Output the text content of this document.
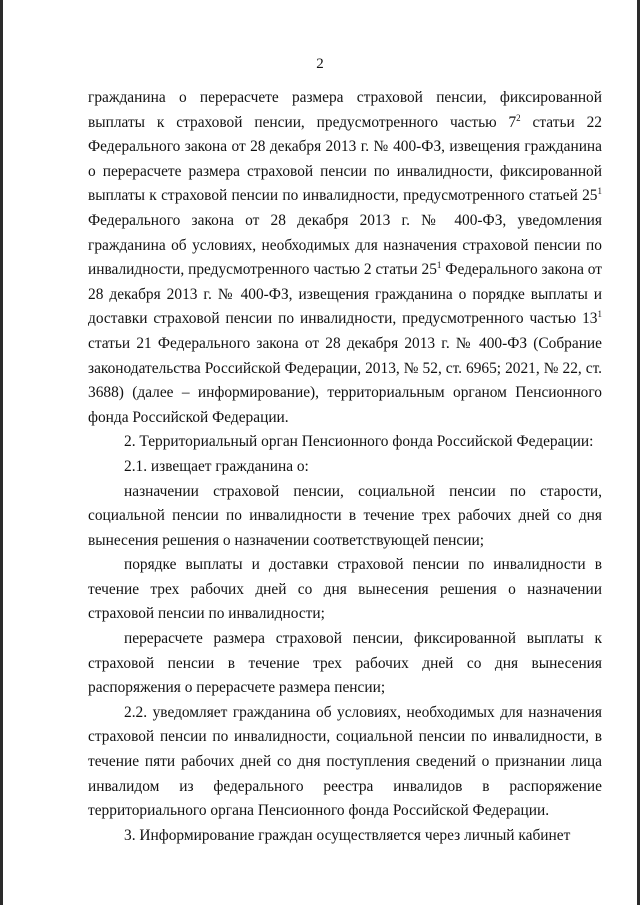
2

гражданина о перерасчете размера страховой пенсии, фиксированной выплаты к страховой пенсии, предусмотренного частью $7^2$ статьи 22 Федерального закона от 28 декабря 2013 г. № 400-ФЗ, извещения гражданина о перерасчете размера страховой пенсии по инвалидности, фиксированной выплаты к страховой пенсии по инвалидности, предусмотренного статьей $25^1$ Федерального закона от 28 декабря 2013 г. № 400-ФЗ, уведомления гражданина об условиях, необходимых для назначения страховой пенсии по инвалидности, предусмотренного частью 2 статьи $25^1$ Федерального закона от 28 декабря 2013 г. № 400-ФЗ, извещения гражданина о порядке выплаты и доставки страховой пенсии по инвалидности, предусмотренного частью $13^1$ статьи 21 Федерального закона от 28 декабря 2013 г. № 400-ФЗ (Собрание законодательства Российской Федерации, 2013, № 52, ст. 6965; 2021, № 22, ст. 3688) (далее – информирование), территориальным органом Пенсионного фонда Российской Федерации.

2. Территориальный орган Пенсионного фонда Российской Федерации:

2.1. извещает гражданина о:

назначении страховой пенсии, социальной пенсии по старости, социальной пенсии по инвалидности в течение трех рабочих дней со дня вынесения решения о назначении соответствующей пенсии;

порядке выплаты и доставки страховой пенсии по инвалидности в течение трех рабочих дней со дня вынесения решения о назначении страховой пенсии по инвалидности;

перерасчете размера страховой пенсии, фиксированной выплаты к страховой пенсии в течение трех рабочих дней со дня вынесения распоряжения о перерасчете размера пенсии;

2.2. уведомляет гражданина об условиях, необходимых для назначения страховой пенсии по инвалидности, социальной пенсии по инвалидности, в течение пяти рабочих дней со дня поступления сведений о признании лица инвалидом из федерального реестра инвалидов в распоряжение территориального органа Пенсионного фонда Российской Федерации.

3. Информирование граждан осуществляется через личный кабинет
